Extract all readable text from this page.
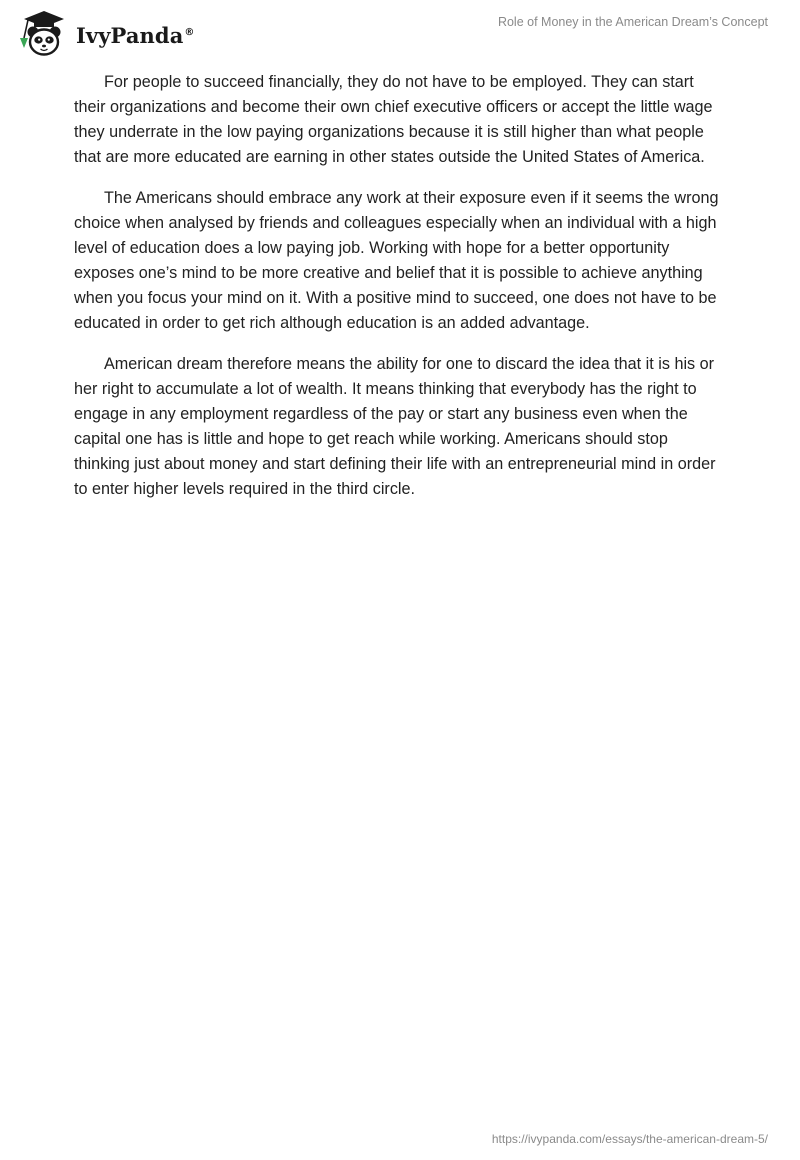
IvyPanda®
Role of Money in the American Dream’s Concept

For people to succeed financially, they do not have to be employed. They can start their organizations and become their own chief executive officers or accept the little wage they underrate in the low paying organizations because it is still higher than what people that are more educated are earning in other states outside the United States of America.

The Americans should embrace any work at their exposure even if it seems the wrong choice when analysed by friends and colleagues especially when an individual with a high level of education does a low paying job. Working with hope for a better opportunity exposes one’s mind to be more creative and belief that it is possible to achieve anything when you focus your mind on it. With a positive mind to succeed, one does not have to be educated in order to get rich although education is an added advantage.

American dream therefore means the ability for one to discard the idea that it is his or her right to accumulate a lot of wealth. It means thinking that everybody has the right to engage in any employment regardless of the pay or start any business even when the capital one has is little and hope to get reach while working. Americans should stop thinking just about money and start defining their life with an entrepreneurial mind in order to enter higher levels required in the third circle.

https://ivypanda.com/essays/the-american-dream-5/
